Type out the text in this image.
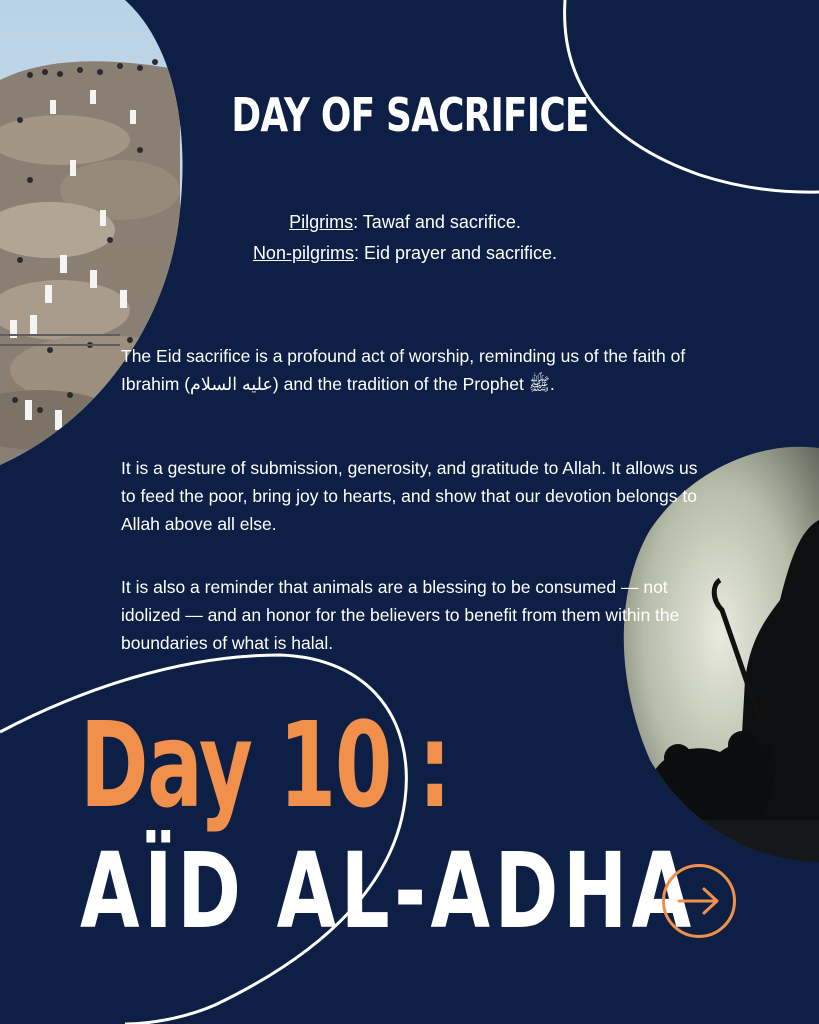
DAY OF SACRIFICE
Pilgrims: Tawaf and sacrifice.
Non-pilgrims: Eid prayer and sacrifice.

The Eid sacrifice is a profound act of worship, reminding us of the faith of Ibrahim (عليه السلام) and the tradition of the Prophet ﷺ.

It is a gesture of submission, generosity, and gratitude to Allah. It allows us to feed the poor, bring joy to hearts, and show that our devotion belongs to Allah above all else.

It is also a reminder that animals are a blessing to be consumed — not idolized — and an honor for the believers to benefit from them within the boundaries of what is halal.

Day 10 :
AÏD AL-ADHA
